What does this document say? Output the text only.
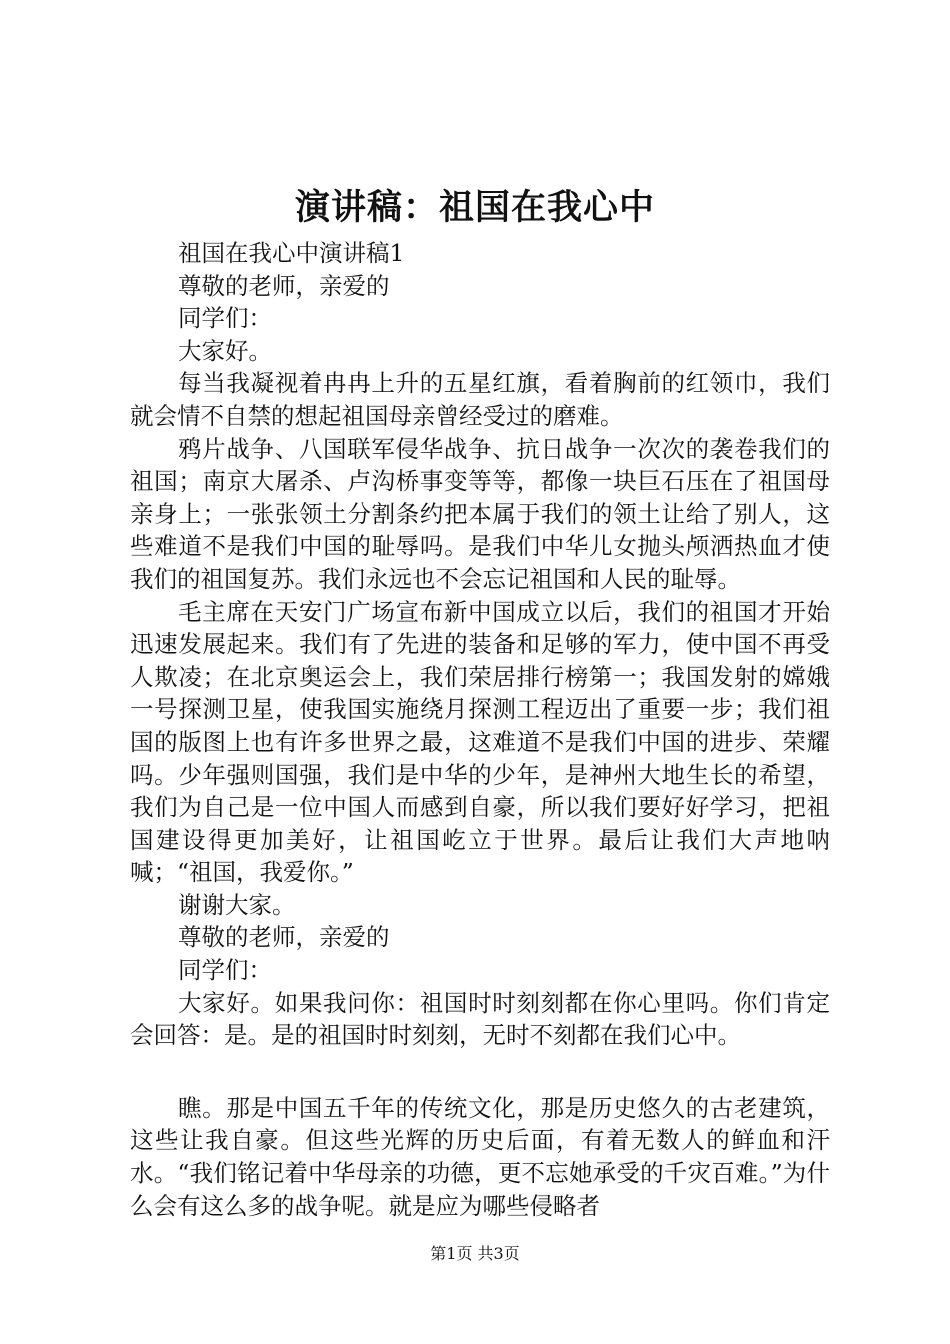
演讲稿：祖国在我心中

祖国在我心中演讲稿1

尊敬的老师，亲爱的

同学们：

大家好。

每当我凝视着冉冉上升的五星红旗，看着胸前的红领巾，我们就会情不自禁的想起祖国母亲曾经受过的磨难。

鸦片战争、八国联军侵华战争、抗日战争一次次的袭卷我们的祖国；南京大屠杀、卢沟桥事变等等，都像一块巨石压在了祖国母亲身上；一张张领土分割条约把本属于我们的领土让给了别人，这些难道不是我们中国的耻辱吗。是我们中华儿女抛头颅洒热血才使我们的祖国复苏。我们永远也不会忘记祖国和人民的耻辱。

毛主席在天安门广场宣布新中国成立以后，我们的祖国才开始迅速发展起来。我们有了先进的装备和足够的军力，使中国不再受人欺凌；在北京奥运会上，我们荣居排行榜第一；我国发射的嫦娥一号探测卫星，使我国实施绕月探测工程迈出了重要一步；我们祖国的版图上也有许多世界之最，这难道不是我们中国的进步、荣耀吗。少年强则国强，我们是中华的少年，是神州大地生长的希望，我们为自己是一位中国人而感到自豪，所以我们要好好学习，把祖国建设得更加美好，让祖国屹立于世界。最后让我们大声地呐喊；“祖国，我爱你。”

谢谢大家。

尊敬的老师，亲爱的

同学们：

大家好。如果我问你：祖国时时刻刻都在你心里吗。你们肯定会回答：是。是的祖国时时刻刻，无时不刻都在我们心中。

瞧。那是中国五千年的传统文化，那是历史悠久的古老建筑，这些让我自豪。但这些光辉的历史后面，有着无数人的鲜血和汗水。“我们铭记着中华母亲的功德，更不忘她承受的千灾百难。”为什么会有这么多的战争呢。就是应为哪些侵略者

第1页 共3页
